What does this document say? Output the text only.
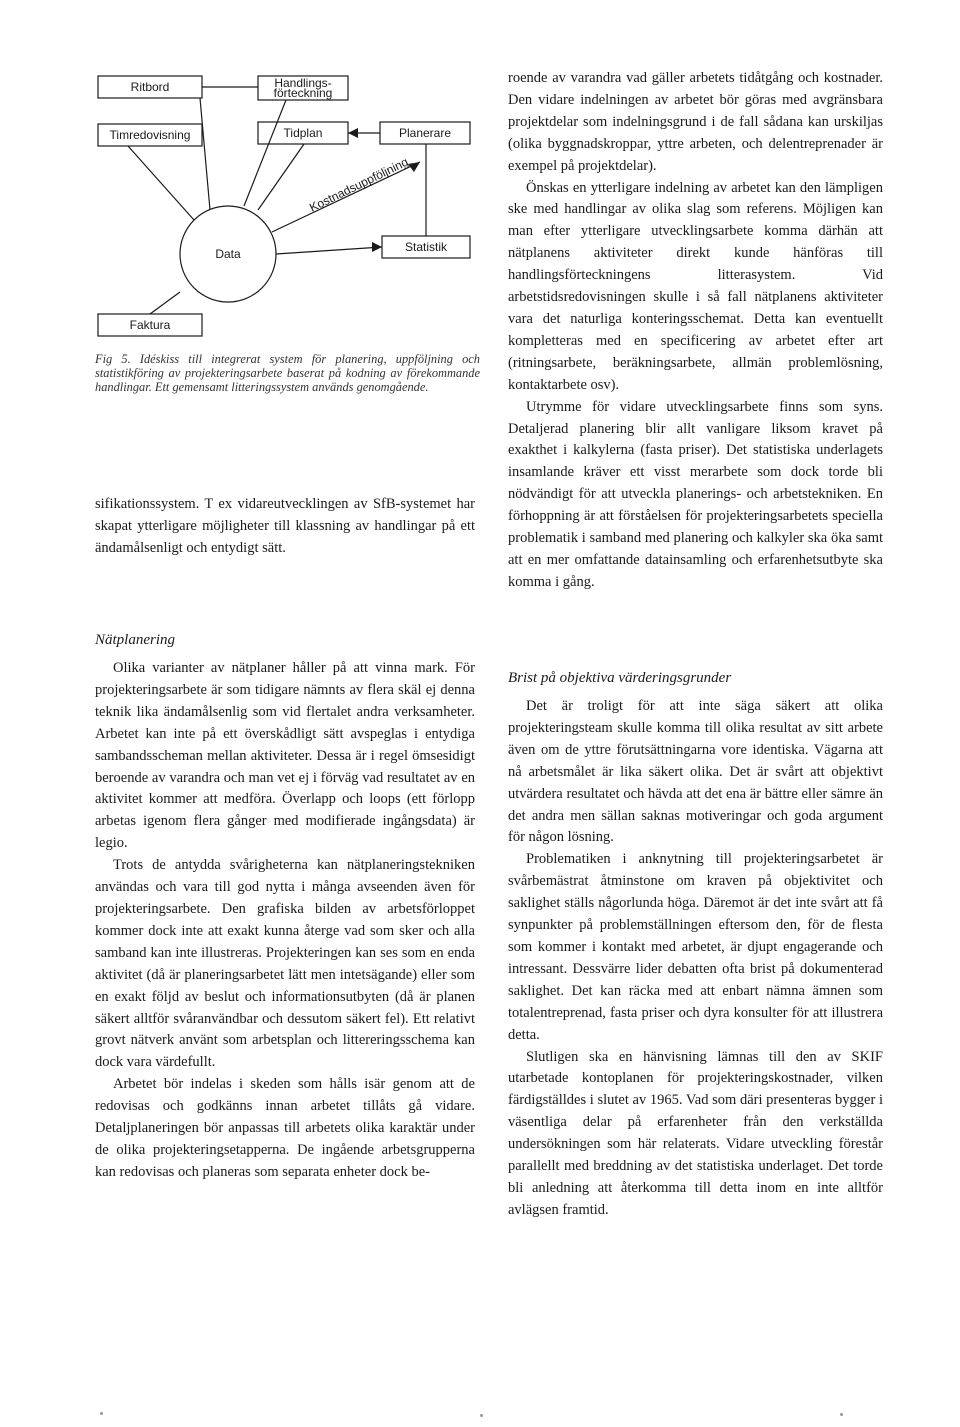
Ritbord	Handlings-
förteckning
Timredovisning	Tidplan	Planerare
Statistik
Faktura
Data
Kostnadsuppföljning
Fig 5. Idéskiss till integrerat system för planering, uppföljning och statistikföring av projekteringsarbete baserat på kodning av förekommande handlingar. Ett gemensamt litteringssystem används genomgående.

sifikationssystem. T ex vidareutvecklingen av SfB-systemet har skapat ytterligare möjligheter till klassning av handlingar på ett ändamålsenligt och entydigt sätt.

Nätplanering

Olika varianter av nätplaner håller på att vinna mark. För projekteringsarbete är som tidigare nämnts av flera skäl ej denna teknik lika ändamålsenlig som vid flertalet andra verksamheter. Arbetet kan inte på ett överskådligt sätt avspeglas i entydiga sambandsscheman mellan aktiviteter. Dessa är i regel ömsesidigt beroende av varandra och man vet ej i förväg vad resultatet av en aktivitet kommer att medföra. Överlapp och loops (ett förlopp arbetas igenom flera gånger med modifierade ingångsdata) är legio.

Trots de antydda svårigheterna kan nätplaneringstekniken användas och vara till god nytta i många avseenden även för projekteringsarbete. Den grafiska bilden av arbetsförloppet kommer dock inte att exakt kunna återge vad som sker och alla samband kan inte illustreras. Projekteringen kan ses som en enda aktivitet (då är planeringsarbetet lätt men intetsägande) eller som en exakt följd av beslut och informationsutbyten (då är planen säkert alltför svåranvändbar och dessutom säkert fel). Ett relativt grovt nätverk använt som arbetsplan och littereringsschema kan dock vara värdefullt.

Arbetet bör indelas i skeden som hålls isär genom att de redovisas och godkänns innan arbetet tillåts gå vidare. Detaljplaneringen bör anpassas till arbetets olika karaktär under de olika projekteringsetapperna. De ingående arbetsgrupperna kan redovisas och planeras som separata enheter dock be-

roende av varandra vad gäller arbetets tidåtgång och kostnader. Den vidare indelningen av arbetet bör göras med avgränsbara projektdelar som indelningsgrund i de fall sådana kan urskiljas (olika byggnadskroppar, yttre arbeten, och delentreprenader är exempel på projektdelar).

Önskas en ytterligare indelning av arbetet kan den lämpligen ske med handlingar av olika slag som referens. Möjligen kan man efter ytterligare utvecklingsarbete komma därhän att nätplanens aktiviteter direkt kunde hänföras till handlingsförteckningens litterasystem. Vid arbetstidsredovisningen skulle i så fall nätplanens aktiviteter vara det naturliga konteringsschemat. Detta kan eventuellt kompletteras med en specificering av arbetet efter art (ritningsarbete, beräkningsarbete, allmän problemlösning, kontaktarbete osv).

Utrymme för vidare utvecklingsarbete finns som syns. Detaljerad planering blir allt vanligare liksom kravet på exakthet i kalkylerna (fasta priser). Det statistiska underlagets insamlande kräver ett visst merarbete som dock torde bli nödvändigt för att utveckla planerings- och arbetstekniken. En förhoppning är att förståelsen för projekteringsarbetets speciella problematik i samband med planering och kalkyler ska öka samt att en mer omfattande datainsamling och erfarenhetsutbyte ska komma i gång.

Brist på objektiva värderingsgrunder

Det är troligt för att inte säga säkert att olika projekteringsteam skulle komma till olika resultat av sitt arbete även om de yttre förutsättningarna vore identiska. Vägarna att nå arbetsmålet är lika säkert olika. Det är svårt att objektivt utvärdera resultatet och hävda att det ena är bättre eller sämre än det andra men sällan saknas motiveringar och goda argument för någon lösning.

Problematiken i anknytning till projekteringsarbetet är svårbemästrat åtminstone om kraven på objektivitet och saklighet ställs någorlunda höga. Däremot är det inte svårt att få synpunkter på problemställningen eftersom den, för de flesta som kommer i kontakt med arbetet, är djupt engagerande och intressant. Dessvärre lider debatten ofta brist på dokumenterad saklighet. Det kan räcka med att enbart nämna ämnen som totalentreprenad, fasta priser och dyra konsulter för att illustrera detta.

Slutligen ska en hänvisning lämnas till den av SKIF utarbetade kontoplanen för projekteringskostnader, vilken färdigställdes i slutet av 1965. Vad som däri presenteras bygger i väsentliga delar på erfarenheter från den verkställda undersökningen som här relaterats. Vidare utveckling förestår parallellt med breddning av det statistiska underlaget. Det torde bli anledning att återkomma till detta inom en inte alltför avlägsen framtid.
